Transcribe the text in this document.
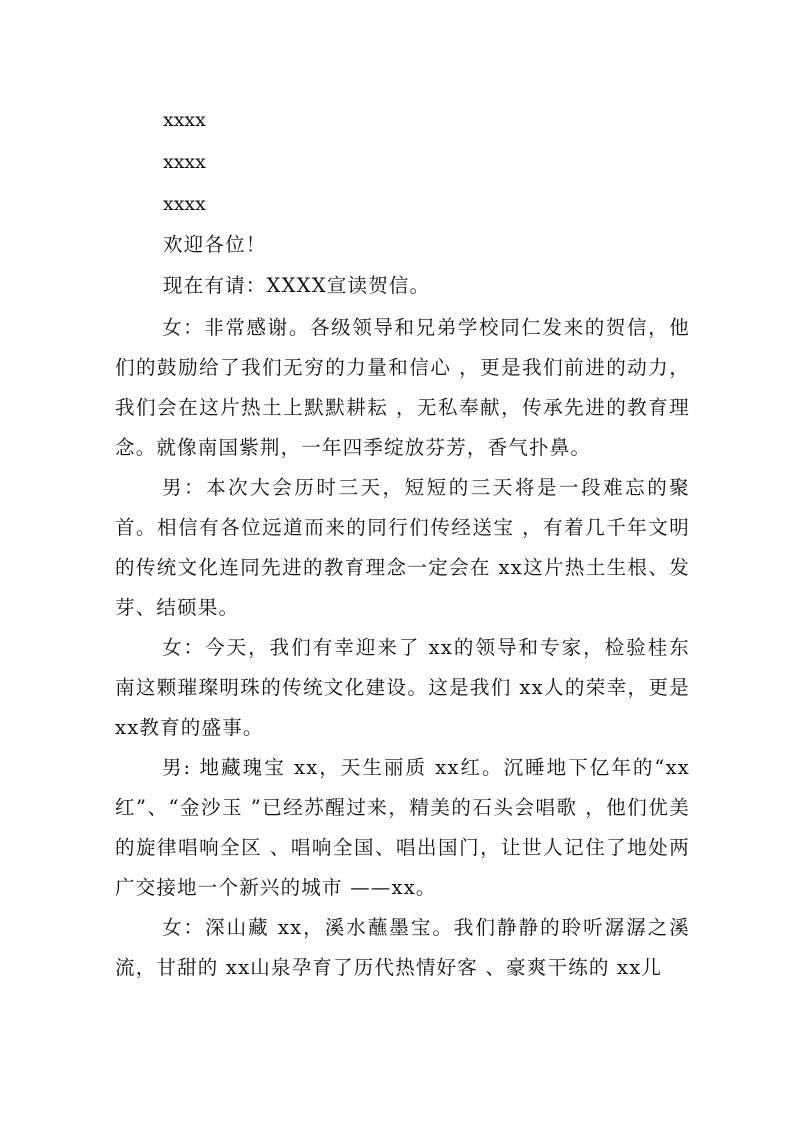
xxxx
xxxx
xxxx
欢迎各位！
现在有请：XXXX宣读贺信。

女：非常感谢。各级领导和兄弟学校同仁发来的贺信，他们的鼓励给了我们无穷的力量和信心 ，更是我们前进的动力，我们会在这片热土上默默耕耘 ，无私奉献，传承先进的教育理念。就像南国紫荆，一年四季绽放芬芳，香气扑鼻。

男：本次大会历时三天，短短的三天将是一段难忘的聚首。相信有各位远道而来的同行们传经送宝 ，有着几千年文明的传统文化连同先进的教育理念一定会在 xx这片热土生根、发芽、结硕果。

女：今天，我们有幸迎来了 xx的领导和专家，检验桂东南这颗璀璨明珠的传统文化建设。这是我们 xx人的荣幸，更是 xx教育的盛事。

男: 地藏瑰宝 xx，天生丽质 xx红。沉睡地下亿年的“xx红”、“金沙玉 ”已经苏醒过来，精美的石头会唱歌 ，他们优美的旋律唱响全区 、唱响全国、唱出国门，让世人记住了地处两广交接地一个新兴的城市 ——xx。

女：深山藏 xx，溪水蘸墨宝。我们静静的聆听潺潺之溪流，甘甜的 xx山泉孕育了历代热情好客 、豪爽干练的 xx儿
